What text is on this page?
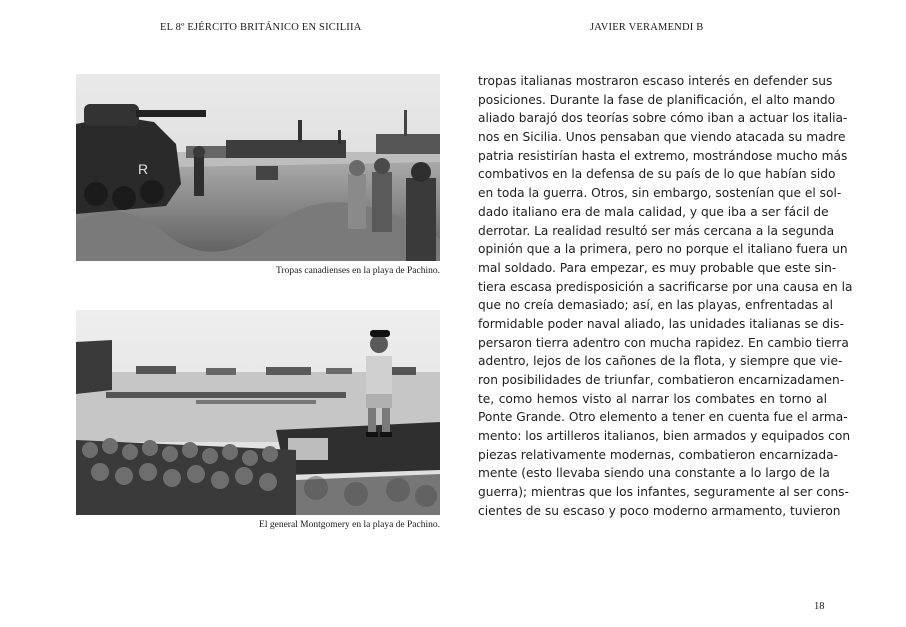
EL 8º EJÉRCITO BRITÁNICO EN SICILIIA	JAVIER VERAMENDI B
R
Tropas canadienses en la playa de Pachino.
El general Montgomery en la playa de Pachino.
tropas italianas mostraron escaso interés en defender sus
posiciones. Durante la fase de planificación, el alto mando
aliado barajó dos teorías sobre cómo iban a actuar los italia-
nos en Sicilia. Unos pensaban que viendo atacada su madre
patria resistirían hasta el extremo, mostrándose mucho más
combativos en la defensa de su país de lo que habían sido
en toda la guerra. Otros, sin embargo, sostenían que el sol-
dado italiano era de mala calidad, y que iba a ser fácil de
derrotar. La realidad resultó ser más cercana a la segunda
opinión que a la primera, pero no porque el italiano fuera un
mal soldado. Para empezar, es muy probable que este sin-
tiera escasa predisposición a sacrificarse por una causa en la
que no creía demasiado; así, en las playas, enfrentadas al
formidable poder naval aliado, las unidades italianas se dis-
persaron tierra adentro con mucha rapidez. En cambio tierra
adentro, lejos de los cañones de la flota, y siempre que vie-
ron posibilidades de triunfar, combatieron encarnizadamen-
te, como hemos visto al narrar los combates en torno al
Ponte Grande. Otro elemento a tener en cuenta fue el arma-
mento: los artilleros italianos, bien armados y equipados con
piezas relativamente modernas, combatieron encarnizada-
mente (esto llevaba siendo una constante a lo largo de la
guerra); mientras que los infantes, seguramente al ser cons-
cientes de su escaso y poco moderno armamento, tuvieron
18
